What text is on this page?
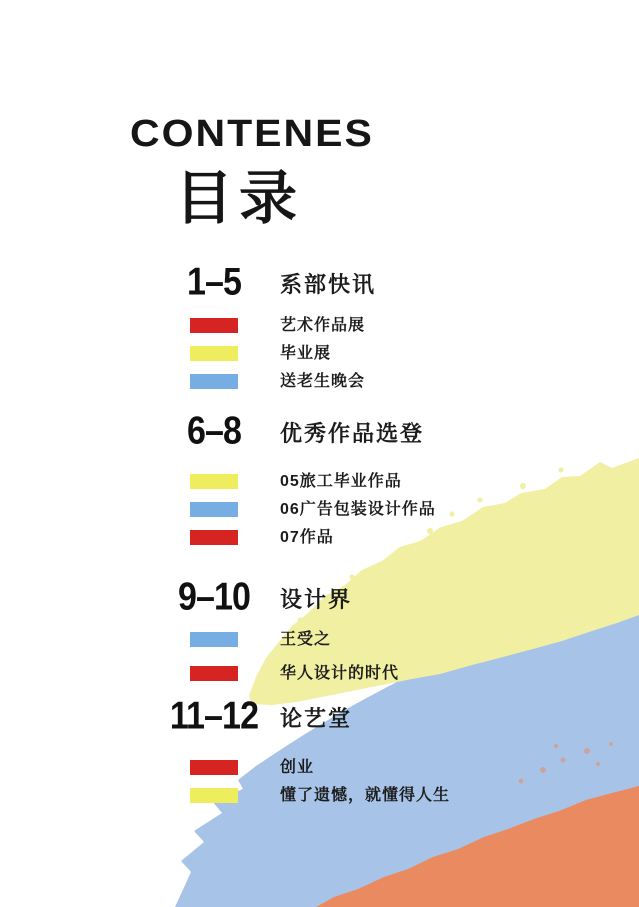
CONTENES
目录
1–5	系部快讯
艺术作品展
毕业展
送老生晚会
6–8	优秀作品选登
05旅工毕业作品
06广告包装设计作品
07作品
9–10	设计界
王受之
华人设计的时代
11–12 论艺堂
创业
懂了遗憾，就懂得人生
